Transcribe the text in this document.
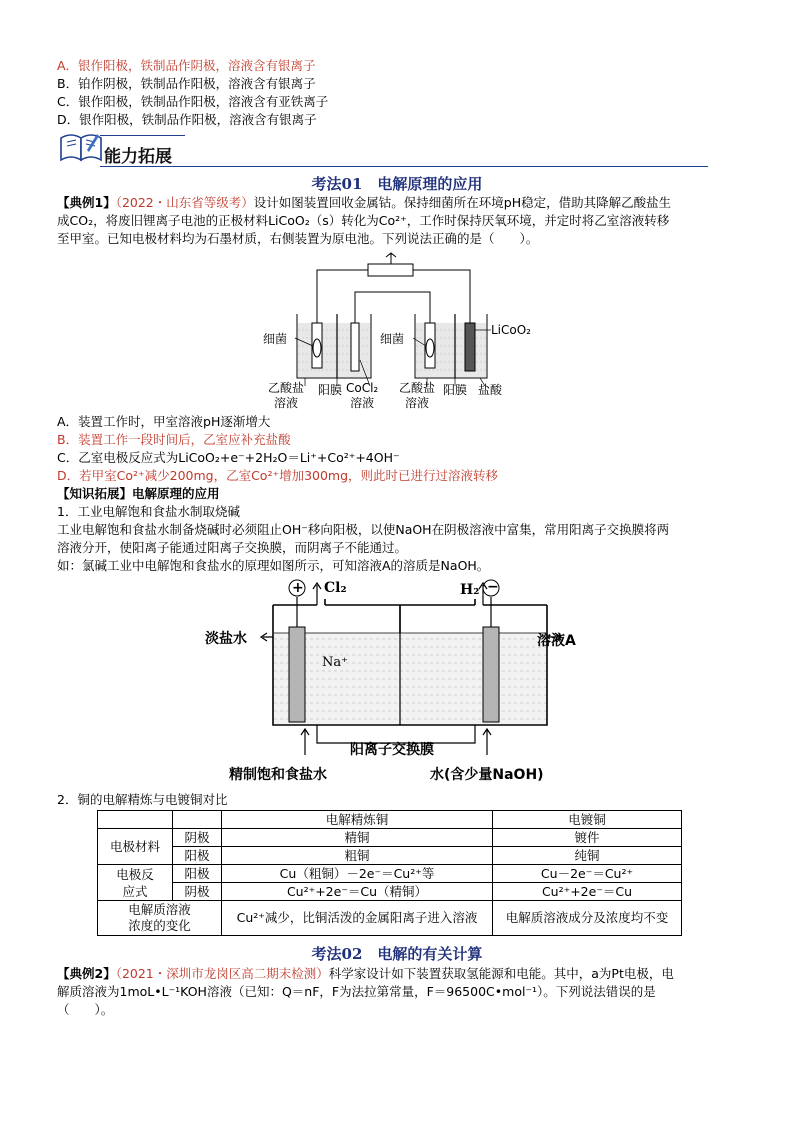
A．银作阳极，铁制品作阴极，溶液含有银离子
B．铂作阴极，铁制品作阳极，溶液含有银离子
C．银作阳极，铁制品作阳极，溶液含有亚铁离子
D．银作阳极，铁制品作阳极，溶液含有银离子
能力拓展
考法01　电解原理的应用
【典例1】（2022・山东省等级考）设计如图装置回收金属钴。保持细菌所在环境pH稳定，借助其降解乙酸盐生
成CO₂，将废旧锂离子电池的正极材料LiCoO₂（s）转化为Co²⁺，工作时保持厌氧环境，并定时将乙室溶液转移
至甲室。已知电极材料均为石墨材质，右侧装置为原电池。下列说法正确的是（　　）。
细菌	细菌
LiCoO₂
乙酸盐
溶液
阳膜 CoCl₂
溶液
乙酸盐
溶液
阳膜 盐酸
A．装置工作时，甲室溶液pH逐渐增大
B．装置工作一段时间后，乙室应补充盐酸
C．乙室电极反应式为LiCoO₂+e⁻+2H₂O＝Li⁺+Co²⁺+4OH⁻
D．若甲室Co²⁺减少200mg，乙室Co²⁺增加300mg，则此时已进行过溶液转移
【知识拓展】电解原理的应用
1．工业电解饱和食盐水制取烧碱
工业电解饱和食盐水制备烧碱时必须阻止OH⁻移向阳极，以使NaOH在阴极溶液中富集，常用阳离子交换膜将两
溶液分开，使阳离子能通过阳离子交换膜，而阴离子不能通过。
如：氯碱工业中电解饱和食盐水的原理如图所示，可知溶液A的溶质是NaOH。
+	−
Cl₂	H₂
淡盐水	溶液A
Na⁺
阳离子交换膜
精制饱和食盐水	水(含少量NaOH)
2．铜的电解精炼与电镀铜对比
		电解精炼铜	电镀铜
电极材料	阴极	精铜	镀件
	阳极	粗铜	纯铜
电极反
应式	阳极	Cu（粗铜）－2e⁻＝Cu²⁺等	Cu－2e⁻＝Cu²⁺
	阴极	Cu²⁺+2e⁻＝Cu（精铜）	Cu²⁺+2e⁻＝Cu
电解质溶液
浓度的变化		Cu²⁺减少，比铜活泼的金属阳离子进入溶液	电解质溶液成分及浓度均不变
考法02　电解的有关计算
【典例2】（2021・深圳市龙岗区高二期末检测）科学家设计如下装置获取氢能源和电能。其中，a为Pt电极，电
解质溶液为1moL•L⁻¹KOH溶液（已知：Q＝nF，F为法拉第常量，F＝96500C•mol⁻¹）。下列说法错误的是
（　　）。
